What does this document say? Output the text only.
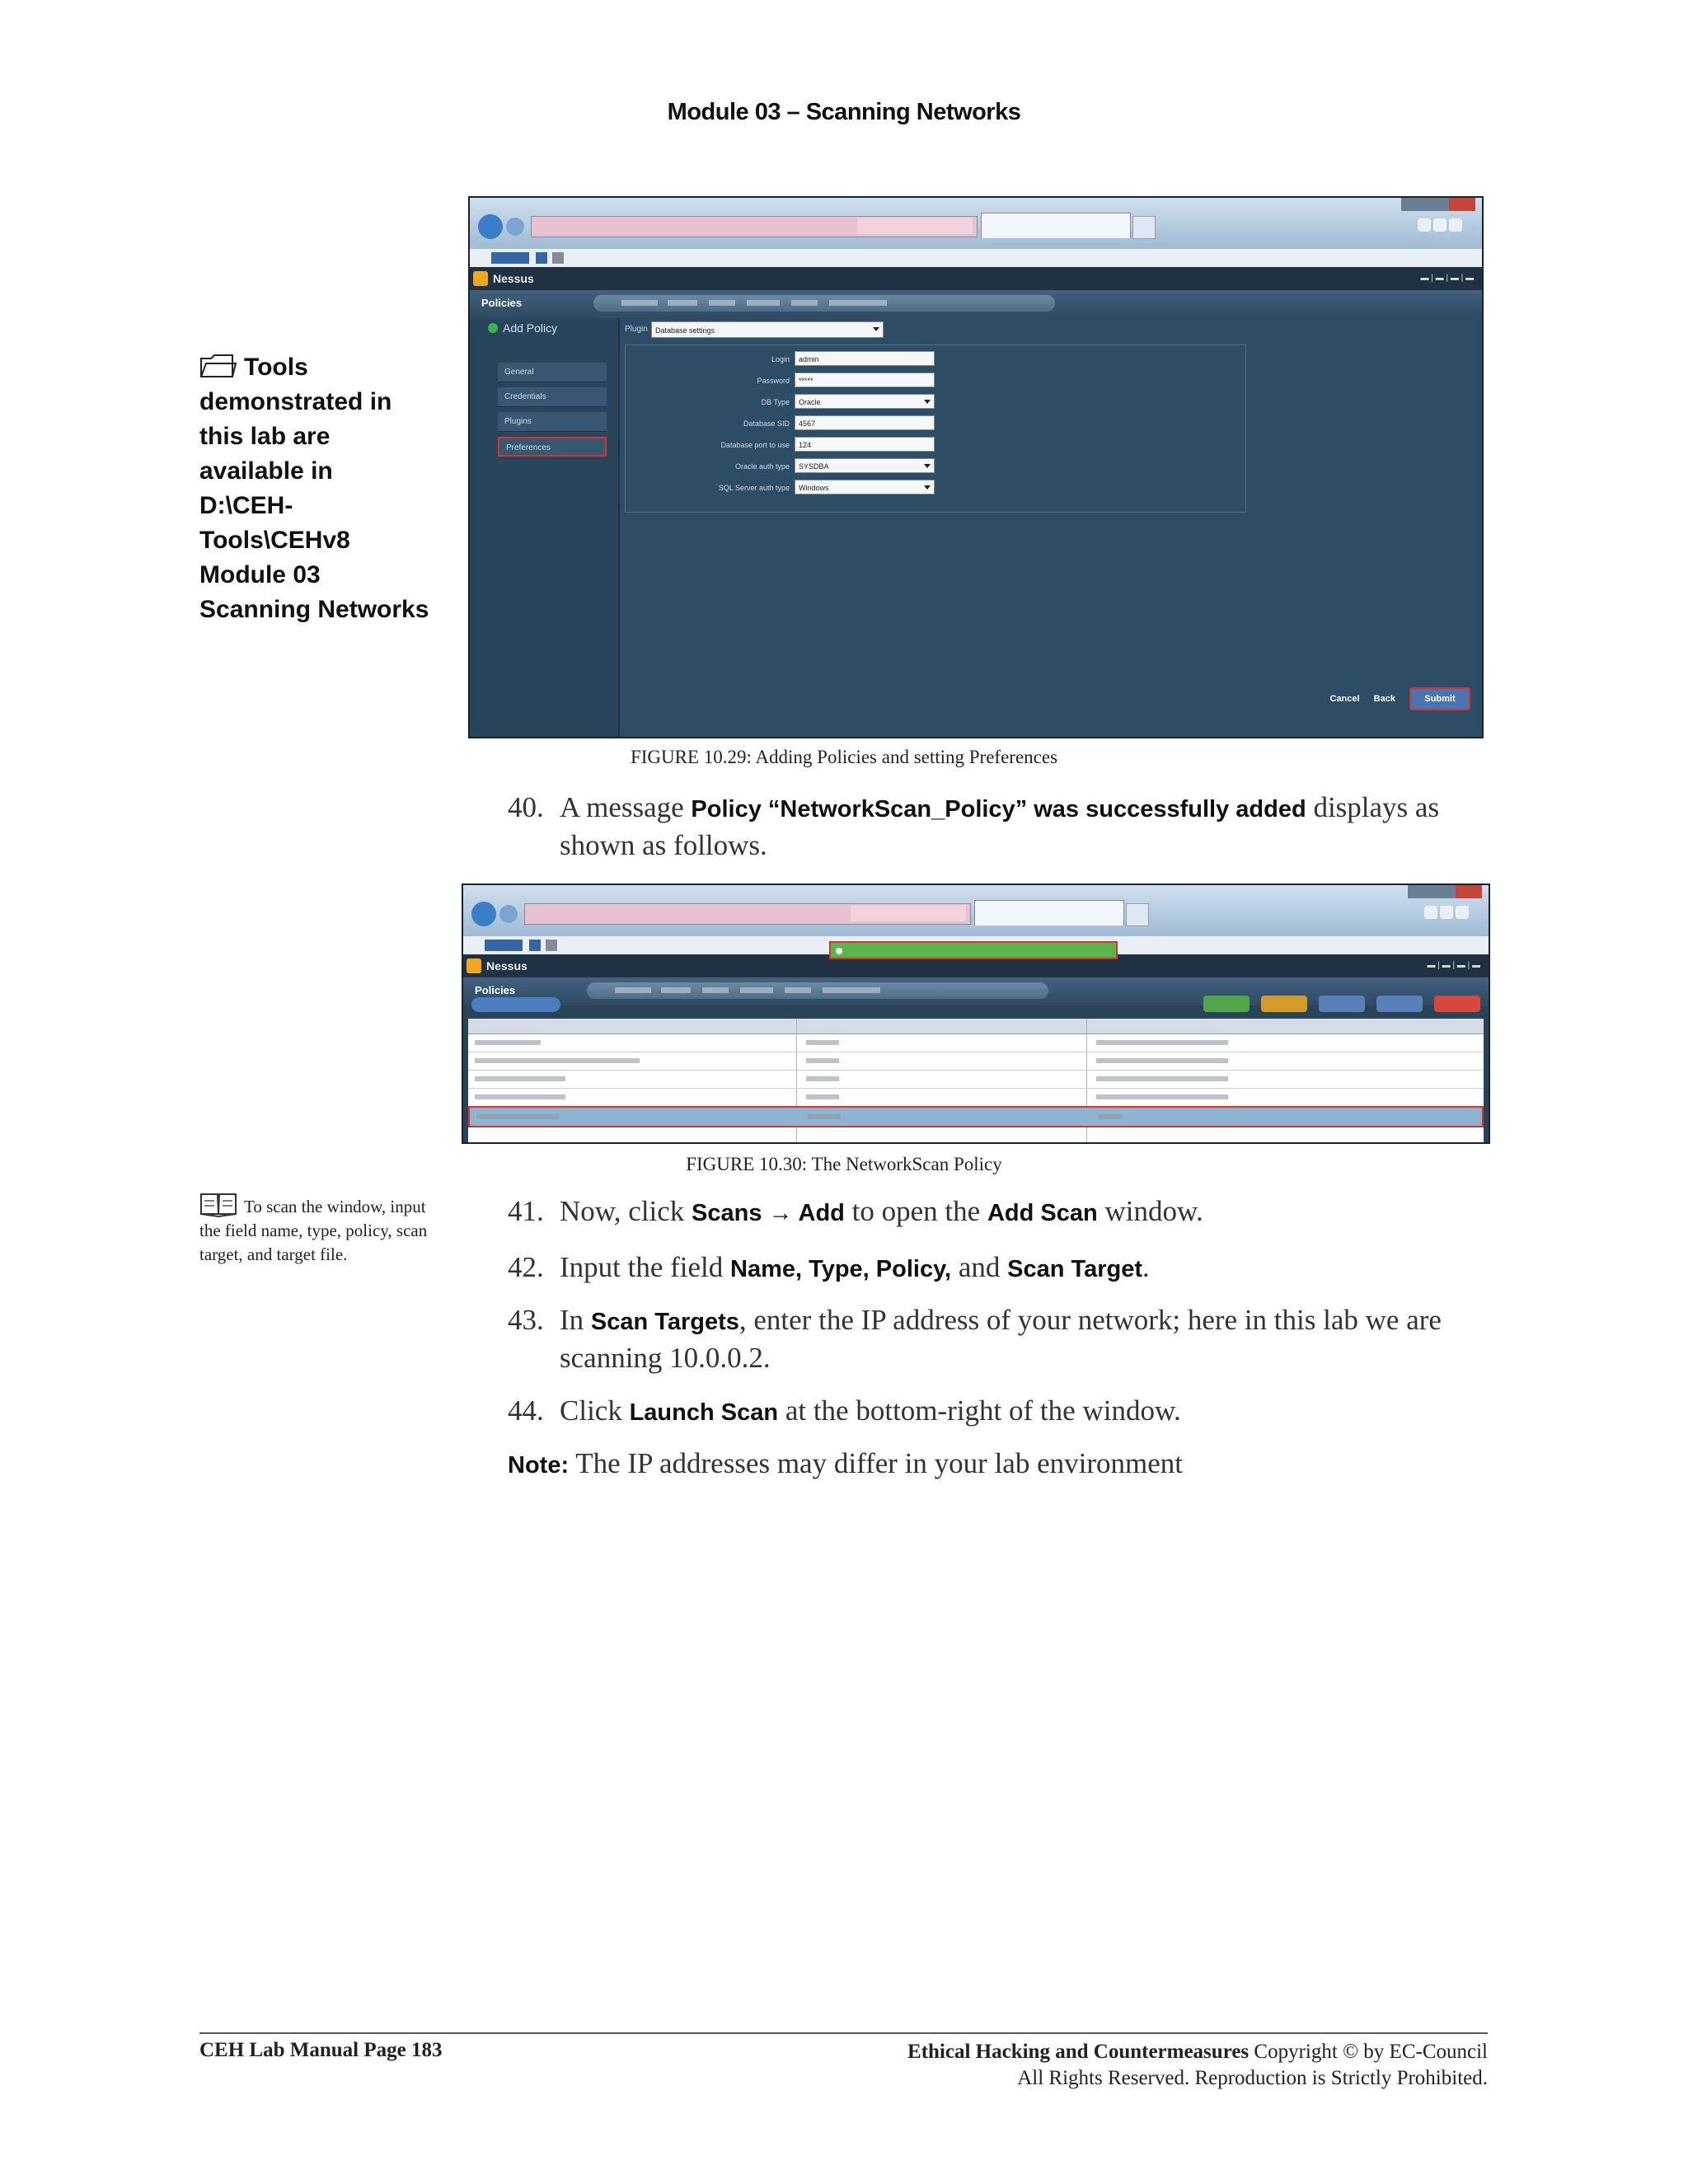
Module 03 – Scanning Networks
Tools demonstrated in this lab are available in D:\CEH-Tools\CEHv8 Module 03 Scanning Networks
Nessus	▬ | ▬ | ▬ | ▬
Policies
Add Policy
General
Credentials
Plugins
Preferences
Plugin	Database settings
Login	admin
Password	*****
DB Type	Oracle
Database SID	4567
Database port to use	124
Oracle auth type	SYSDBA
SQL Server auth type	Windows
Cancel Back	Submit
FIGURE 10.29: Adding Policies and setting Preferences
40. A message Policy “NetworkScan_Policy” was successfully added displays as shown as follows.
Nessus	▬ | ▬ | ▬ | ▬
Policies
FIGURE 10.30: The NetworkScan Policy
To scan the window, input the field name, type, policy, scan target, and target file.
41. Now, click Scans → Add to open the Add Scan window.
42. Input the field Name, Type, Policy, and Scan Target.
43. In Scan Targets, enter the IP address of your network; here in this lab we are scanning 10.0.0.2.
44. Click Launch Scan at the bottom-right of the window.
Note: The IP addresses may differ in your lab environment
CEH Lab Manual Page 183	Ethical Hacking and Countermeasures Copyright © by EC-Council
All Rights Reserved. Reproduction is Strictly Prohibited.
